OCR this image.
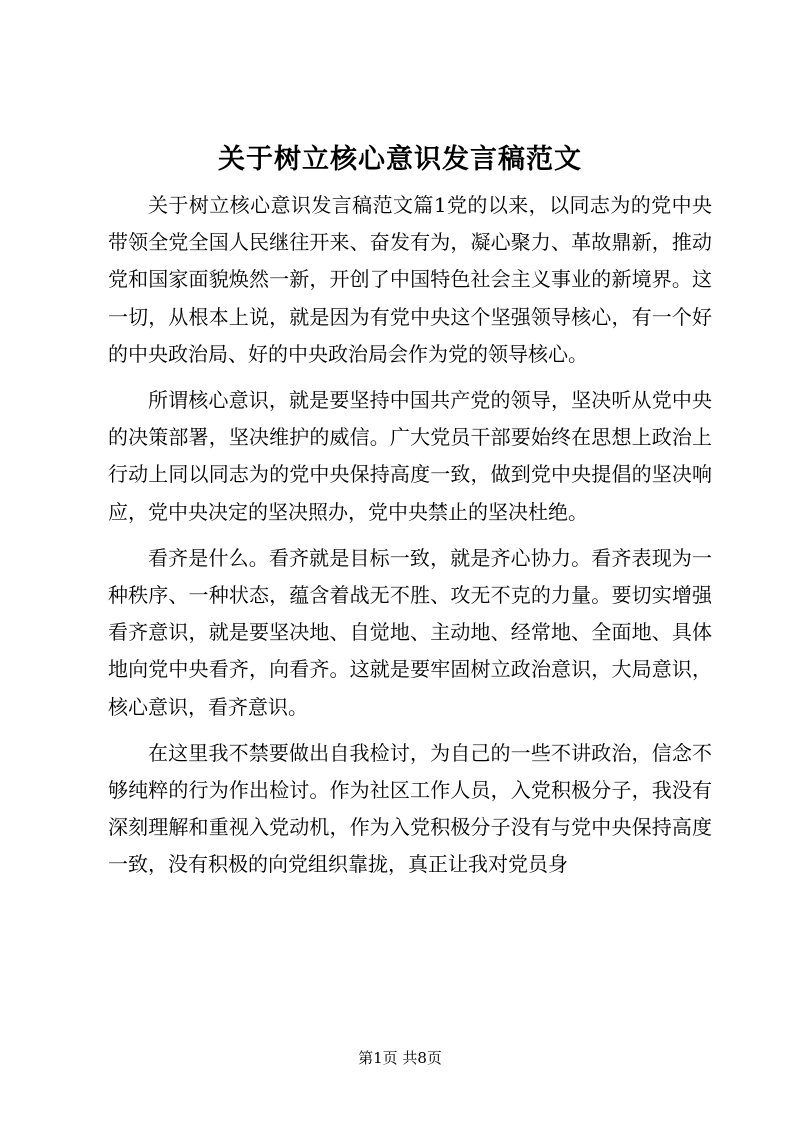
关于树立核心意识发言稿范文

关于树立核心意识发言稿范文篇1党的以来，以同志为的党中央带领全党全国人民继往开来、奋发有为，凝心聚力、革故鼎新，推动党和国家面貌焕然一新，开创了中国特色社会主义事业的新境界。这一切，从根本上说，就是因为有党中央这个坚强领导核心，有一个好的中央政治局、好的中央政治局会作为党的领导核心。

所谓核心意识，就是要坚持中国共产党的领导，坚决听从党中央的决策部署，坚决维护的威信。广大党员干部要始终在思想上政治上行动上同以同志为的党中央保持高度一致，做到党中央提倡的坚决响应，党中央决定的坚决照办，党中央禁止的坚决杜绝。

看齐是什么。看齐就是目标一致，就是齐心协力。看齐表现为一种秩序、一种状态，蕴含着战无不胜、攻无不克的力量。要切实增强看齐意识，就是要坚决地、自觉地、主动地、经常地、全面地、具体地向党中央看齐，向看齐。这就是要牢固树立政治意识，大局意识，核心意识，看齐意识。

在这里我不禁要做出自我检讨，为自己的一些不讲政治，信念不够纯粹的行为作出检讨。作为社区工作人员，入党积极分子，我没有深刻理解和重视入党动机，作为入党积极分子没有与党中央保持高度一致，没有积极的向党组织靠拢，真正让我对党员身

第1页 共8页
